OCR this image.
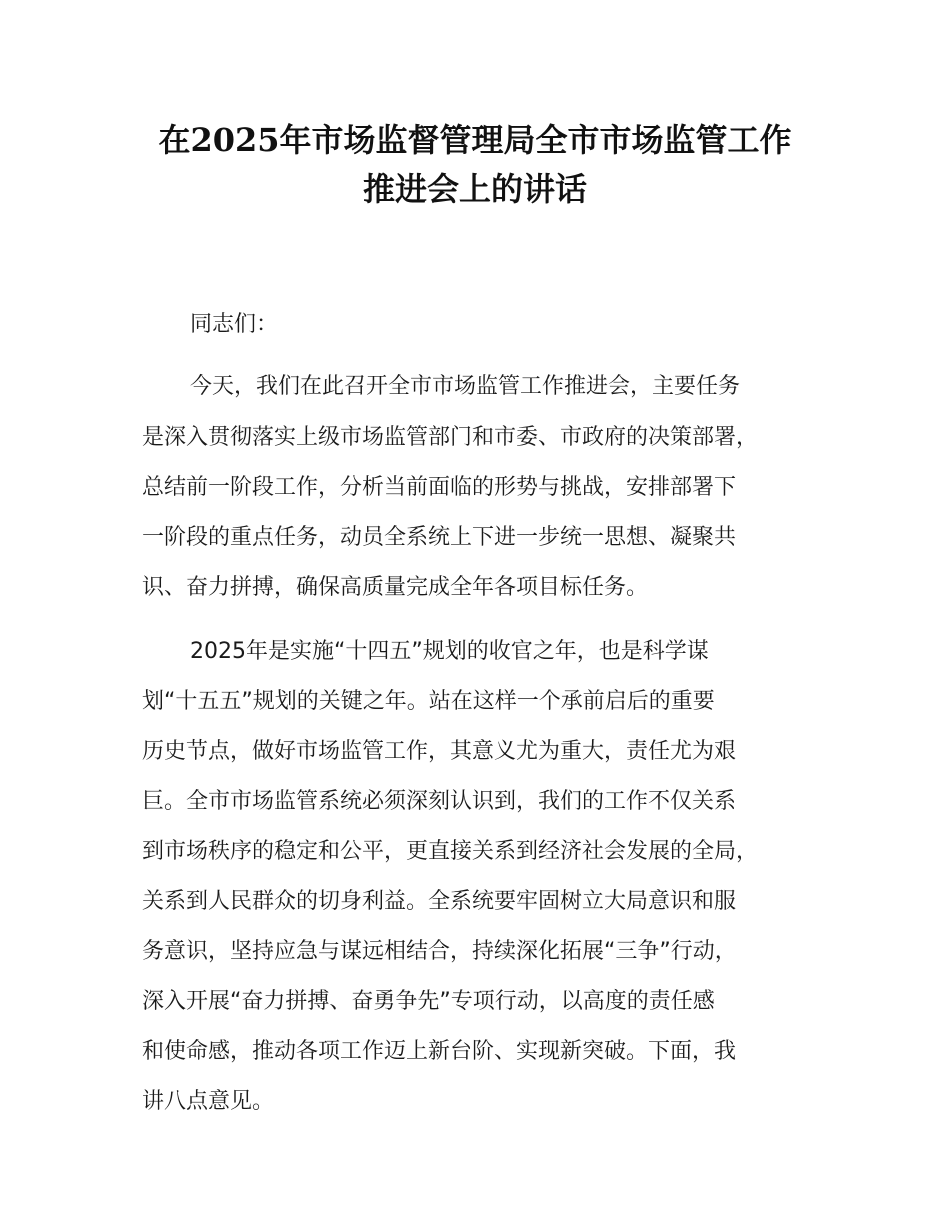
在2025年市场监督管理局全市市场监管工作
推进会上的讲话

同志们：

今天，我们在此召开全市市场监管工作推进会，主要任务

是深入贯彻落实上级市场监管部门和市委、市政府的决策部署，

总结前一阶段工作，分析当前面临的形势与挑战，安排部署下

一阶段的重点任务，动员全系统上下进一步统一思想、凝聚共

识、奋力拼搏，确保高质量完成全年各项目标任务。

2025年是实施“十四五”规划的收官之年，也是科学谋

划“十五五”规划的关键之年。站在这样一个承前启后的重要

历史节点，做好市场监管工作，其意义尤为重大，责任尤为艰

巨。全市市场监管系统必须深刻认识到，我们的工作不仅关系

到市场秩序的稳定和公平，更直接关系到经济社会发展的全局，

关系到人民群众的切身利益。全系统要牢固树立大局意识和服

务意识，坚持应急与谋远相结合，持续深化拓展“三争”行动，

深入开展“奋力拼搏、奋勇争先”专项行动，以高度的责任感

和使命感，推动各项工作迈上新台阶、实现新突破。下面，我

讲八点意见。
